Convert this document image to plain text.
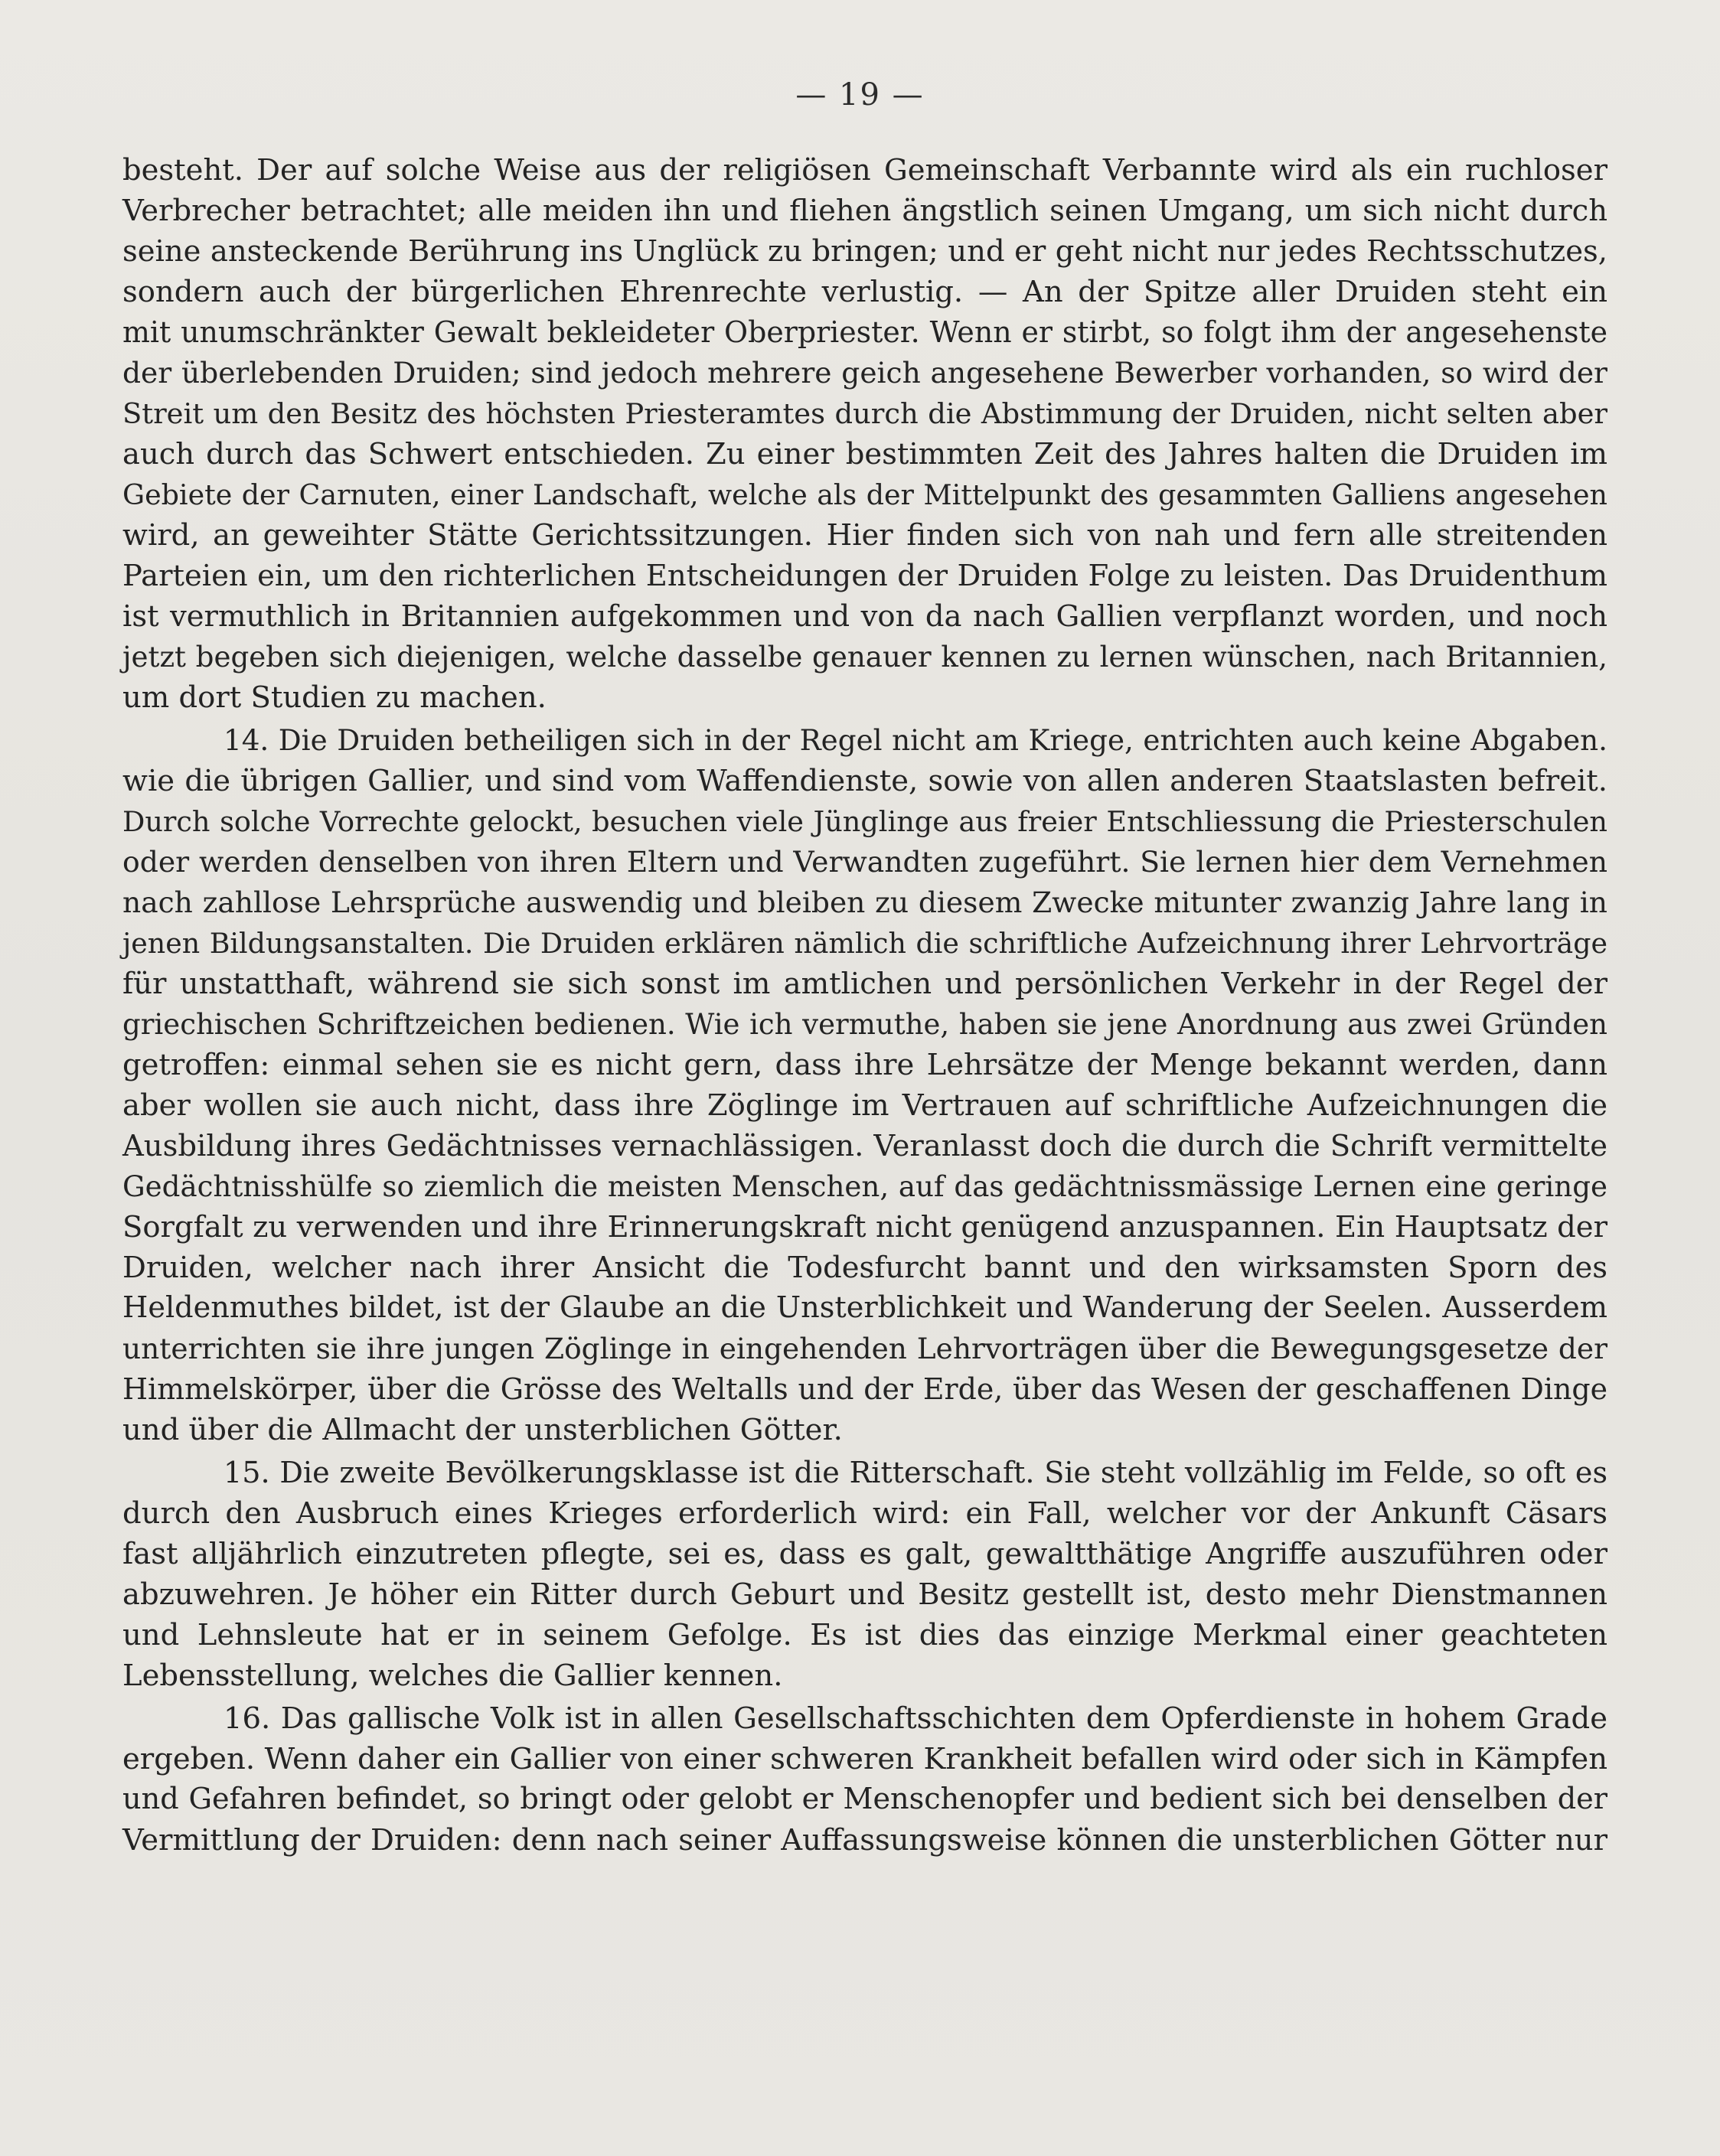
— 19 —
besteht. Der auf solche Weise aus der religiösen Gemeinschaft Verbannte wird als ein ruchloser
Verbrecher betrachtet; alle meiden ihn und fliehen ängstlich seinen Umgang, um sich nicht durch
seine ansteckende Berührung ins Unglück zu bringen; und er geht nicht nur jedes Rechtsschutzes,
sondern auch der bürgerlichen Ehrenrechte verlustig. — An der Spitze aller Druiden steht ein
mit unumschränkter Gewalt bekleideter Oberpriester. Wenn er stirbt, so folgt ihm der angesehenste
der überlebenden Druiden; sind jedoch mehrere geich angesehene Bewerber vorhanden, so wird der
Streit um den Besitz des höchsten Priesteramtes durch die Abstimmung der Druiden, nicht selten aber
auch durch das Schwert entschieden. Zu einer bestimmten Zeit des Jahres halten die Druiden im
Gebiete der Carnuten, einer Landschaft, welche als der Mittelpunkt des gesammten Galliens angesehen
wird, an geweihter Stätte Gerichtssitzungen. Hier finden sich von nah und fern alle streitenden
Parteien ein, um den richterlichen Entscheidungen der Druiden Folge zu leisten. Das Druidenthum
ist vermuthlich in Britannien aufgekommen und von da nach Gallien verpflanzt worden, und noch
jetzt begeben sich diejenigen, welche dasselbe genauer kennen zu lernen wünschen, nach Britannien,
um dort Studien zu machen.
14. Die Druiden betheiligen sich in der Regel nicht am Kriege, entrichten auch keine Abgaben.
wie die übrigen Gallier, und sind vom Waffendienste, sowie von allen anderen Staatslasten befreit.
Durch solche Vorrechte gelockt, besuchen viele Jünglinge aus freier Entschliessung die Priesterschulen
oder werden denselben von ihren Eltern und Verwandten zugeführt. Sie lernen hier dem Vernehmen
nach zahllose Lehrsprüche auswendig und bleiben zu diesem Zwecke mitunter zwanzig Jahre lang in
jenen Bildungsanstalten. Die Druiden erklären nämlich die schriftliche Aufzeichnung ihrer Lehrvorträge
für unstatthaft, während sie sich sonst im amtlichen und persönlichen Verkehr in der Regel der
griechischen Schriftzeichen bedienen. Wie ich vermuthe, haben sie jene Anordnung aus zwei Gründen
getroffen: einmal sehen sie es nicht gern, dass ihre Lehrsätze der Menge bekannt werden, dann
aber wollen sie auch nicht, dass ihre Zöglinge im Vertrauen auf schriftliche Aufzeichnungen die
Ausbildung ihres Gedächtnisses vernachlässigen. Veranlasst doch die durch die Schrift vermittelte
Gedächtnisshülfe so ziemlich die meisten Menschen, auf das gedächtnissmässige Lernen eine geringe
Sorgfalt zu verwenden und ihre Erinnerungskraft nicht genügend anzuspannen. Ein Hauptsatz der
Druiden, welcher nach ihrer Ansicht die Todesfurcht bannt und den wirksamsten Sporn des
Heldenmuthes bildet, ist der Glaube an die Unsterblichkeit und Wanderung der Seelen. Ausserdem
unterrichten sie ihre jungen Zöglinge in eingehenden Lehrvorträgen über die Bewegungsgesetze der
Himmelskörper, über die Grösse des Weltalls und der Erde, über das Wesen der geschaffenen Dinge
und über die Allmacht der unsterblichen Götter.
15. Die zweite Bevölkerungsklasse ist die Ritterschaft. Sie steht vollzählig im Felde, so oft es
durch den Ausbruch eines Krieges erforderlich wird: ein Fall, welcher vor der Ankunft Cäsars
fast alljährlich einzutreten pflegte, sei es, dass es galt, gewaltthätige Angriffe auszuführen oder
abzuwehren. Je höher ein Ritter durch Geburt und Besitz gestellt ist, desto mehr Dienstmannen
und Lehnsleute hat er in seinem Gefolge. Es ist dies das einzige Merkmal einer geachteten
Lebensstellung, welches die Gallier kennen.
16. Das gallische Volk ist in allen Gesellschaftsschichten dem Opferdienste in hohem Grade
ergeben. Wenn daher ein Gallier von einer schweren Krankheit befallen wird oder sich in Kämpfen
und Gefahren befindet, so bringt oder gelobt er Menschenopfer und bedient sich bei denselben der
Vermittlung der Druiden: denn nach seiner Auffassungsweise können die unsterblichen Götter nur
